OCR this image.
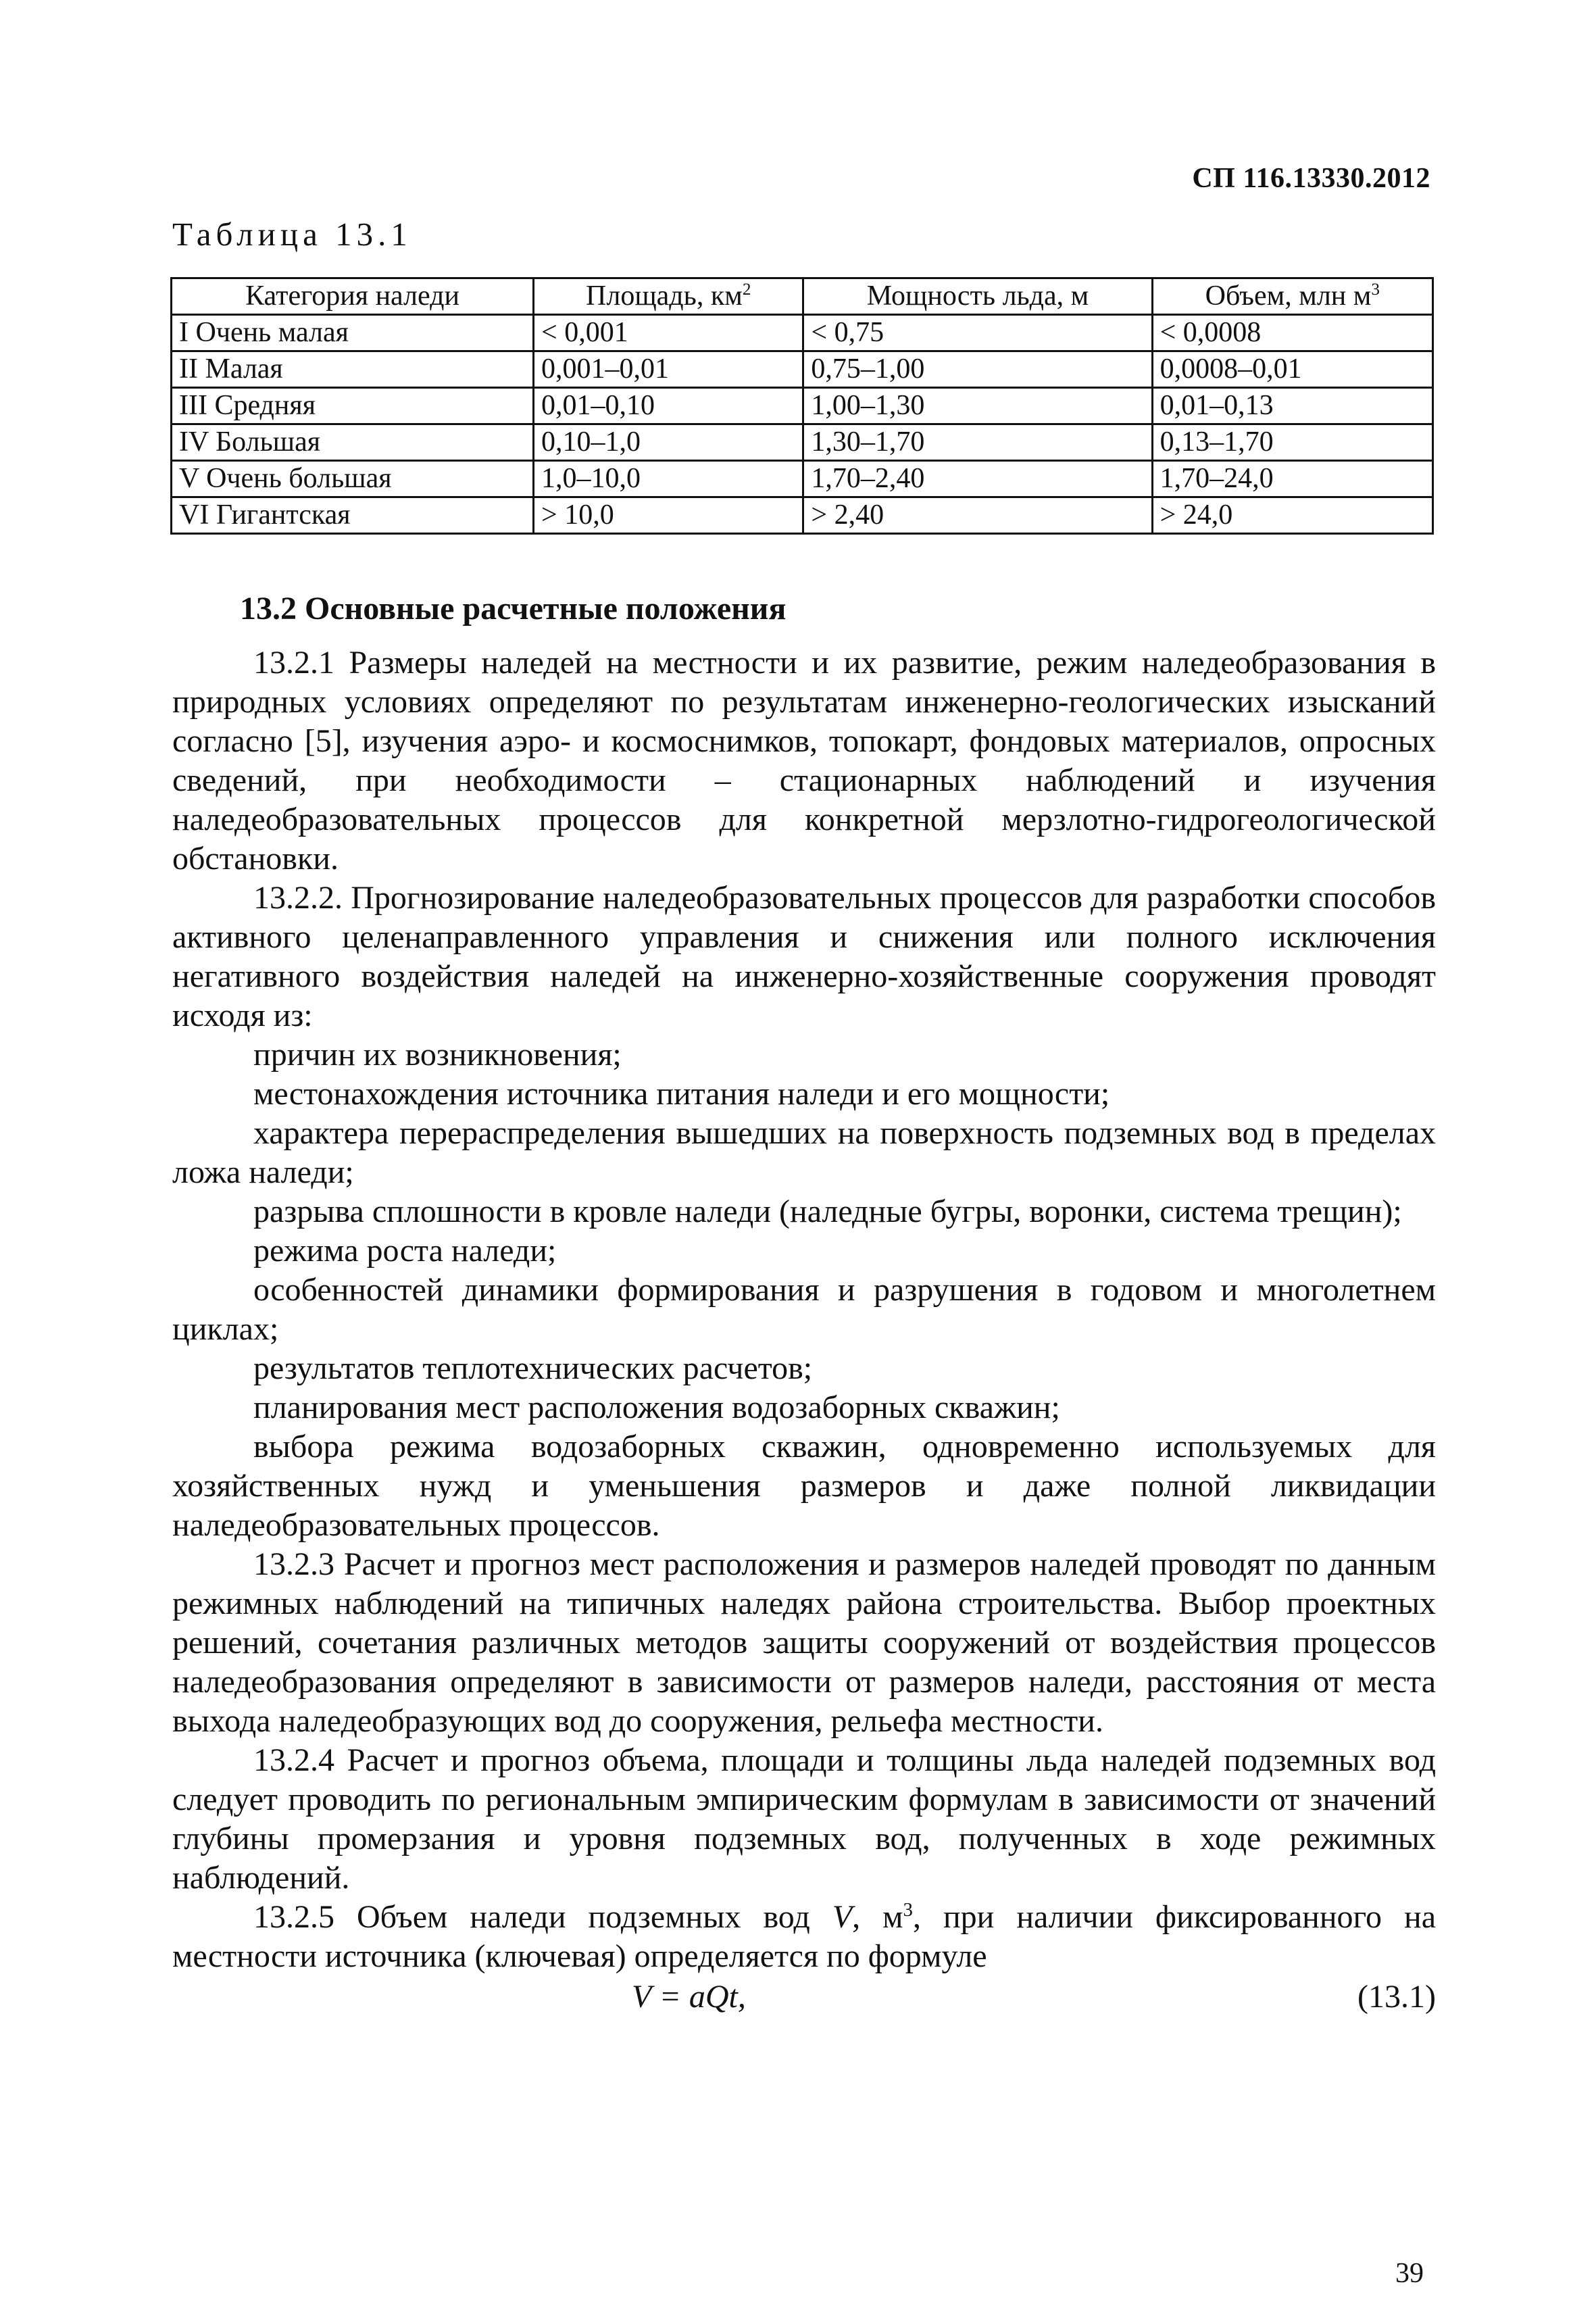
СП 116.13330.2012
Таблица 13.1
Категория наледи	Площадь, $км^2$	Мощность льда, м	Объем, млн $м^3$
I Очень малая	< 0,001	< 0,75	< 0,0008
II Малая	0,001–0,01	0,75–1,00	0,0008–0,01
III Средняя	0,01–0,10	1,00–1,30	0,01–0,13
IV Большая	0,10–1,0	1,30–1,70	0,13–1,70
V Очень большая	1,0–10,0	1,70–2,40	1,70–24,0
VI Гигантская	> 10,0	> 2,40	> 24,0
13.2 Основные расчетные положения

13.2.1 Размеры наледей на местности и их развитие, режим наледеобразования в природных условиях определяют по результатам инженерно-геологических изысканий согласно [5], изучения аэро- и космоснимков, топокарт, фондовых материалов, опросных сведений, при необходимости – стационарных наблюдений и изучения наледеобразовательных процессов для конкретной мерзлотно-гидрогеологической обстановки.

13.2.2. Прогнозирование наледеобразовательных процессов для разработки способов активного целенаправленного управления и снижения или полного исключения негативного воздействия наледей на инженерно-хозяйственные сооружения проводят исходя из:

причин их возникновения;

местонахождения источника питания наледи и его мощности;

характера перераспределения вышедших на поверхность подземных вод в пределах ложа наледи;

разрыва сплошности в кровле наледи (наледные бугры, воронки, система трещин);

режима роста наледи;

особенностей динамики формирования и разрушения в годовом и многолетнем циклах;

результатов теплотехнических расчетов;

планирования мест расположения водозаборных скважин;

выбора режима водозаборных скважин, одновременно используемых для хозяйственных нужд и уменьшения размеров и даже полной ликвидации наледеобразовательных процессов.

13.2.3 Расчет и прогноз мест расположения и размеров наледей проводят по данным режимных наблюдений на типичных наледях района строительства. Выбор проектных решений, сочетания различных методов защиты сооружений от воздействия процессов наледеобразования определяют в зависимости от размеров наледи, расстояния от места выхода наледеобразующих вод до сооружения, рельефа местности.

13.2.4 Расчет и прогноз объема, площади и толщины льда наледей подземных вод следует проводить по региональным эмпирическим формулам в зависимости от значений глубины промерзания и уровня подземных вод, полученных в ходе режимных наблюдений.

13.2.5 Объем наледи подземных вод V, $м^3$, при наличии фиксированного на местности источника (ключевая) определяется по формуле

V = aQt,	(13.1)
39
